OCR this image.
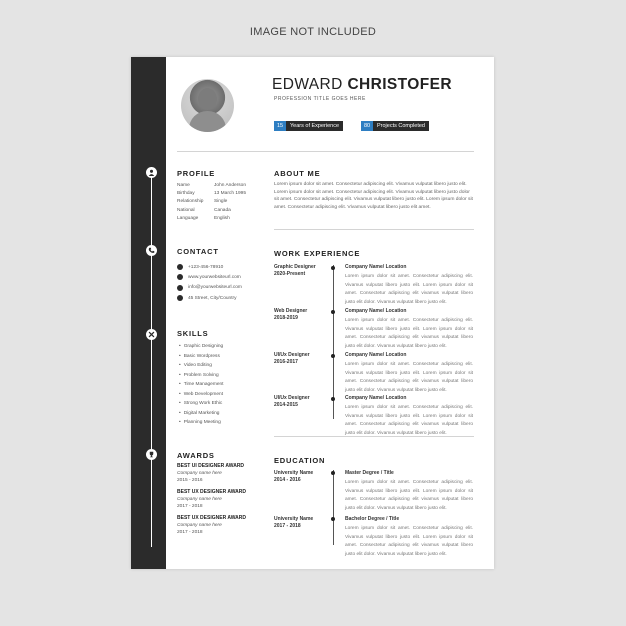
IMAGE NOT INCLUDED
EDWARD CHRISTOFER
PROFESSION TITLE GOES HERE
15	Years of Experience	80	Projects Completed
PROFILE
Name	John Anderson
Birthday	13 March 1995
Relationship	Single
National	Canada
Language	English
CONTACT
+123-456-78910
www.yourwebsiteurl.com
info@yourwebsiteurl.com
45 Street, City/Country
SKILLS
• Graphic Designing
• Basic Wordpress
• Video Editing
• Problem Solving
• Time Management
• Web Development
• Strong Work Ethic
• Digital Marketing
• Planning Meeting
AWARDS
BEST UI DESIGNER AWARD
Company name here
2015 - 2016
BEST UX DESIGNER AWARD
Company name here
2017 - 2018
BEST UX DESIGNER AWARD
Company name here
2017 - 2018
ABOUT ME
Lorem ipsum dolor sit amet. Consectetur adipiscing elit. Vivamus vulputat libero justo elit. Lorem ipsum dolor sit amet. Consectetur adipiscing elit. Vivamus vulputat libero justo dolor sit amet. Consectetur adipiscing elit. Vivamus vulputat libero justo elit. Lorem ipsum dolor sit amet. Consectetur adipiscing elit. Vivamus vulputat libero justo elit amet.
WORK EXPERIENCE
Graphic Designer
2020-Present
Company Name/ Location
Lorem ipsum dolor sit amet. Consectetur adipiscing elit. Vivamus vulputat libero justo elit. Lorem ipsum dolor sit amet. Consectetur adipiscing elit vivamus vulputat libero justo elit dolor. Vivamus vulputat libero justo elit.
Web Designer
2018-2019
Company Name/ Location
Lorem ipsum dolor sit amet. Consectetur adipiscing elit. Vivamus vulputat libero justo elit. Lorem ipsum dolor sit amet. Consectetur adipiscing elit vivamus vulputat libero justo elit dolor. Vivamus vulputat libero justo elit.
UI/Ux Designer
2016-2017
Company Name/ Location
Lorem ipsum dolor sit amet. Consectetur adipiscing elit. Vivamus vulputat libero justo elit. Lorem ipsum dolor sit amet. Consectetur adipiscing elit vivamus vulputat libero justo elit dolor. Vivamus vulputat libero justo elit.
UI/Ux Designer
2014-2015
Company Name/ Location
Lorem ipsum dolor sit amet. Consectetur adipiscing elit. Vivamus vulputat libero justo elit. Lorem ipsum dolor sit amet. Consectetur adipiscing elit vivamus vulputat libero justo elit dolor. Vivamus vulputat libero justo elit.
EDUCATION
University Name
2014 - 2016
Master Degree / Title
Lorem ipsum dolor sit amet. Consectetur adipiscing elit. Vivamus vulputat libero justo elit. Lorem ipsum dolor sit amet. Consectetur adipiscing elit vivamus vulputat libero justo elit dolor. Vivamus vulputat libero justo elit.
University Name
2017 - 2018
Bachelor Degree / Title
Lorem ipsum dolor sit amet. Consectetur adipiscing elit. Vivamus vulputat libero justo elit. Lorem ipsum dolor sit amet. Consectetur adipiscing elit vivamus vulputat libero justo elit dolor. Vivamus vulputat libero justo elit.
